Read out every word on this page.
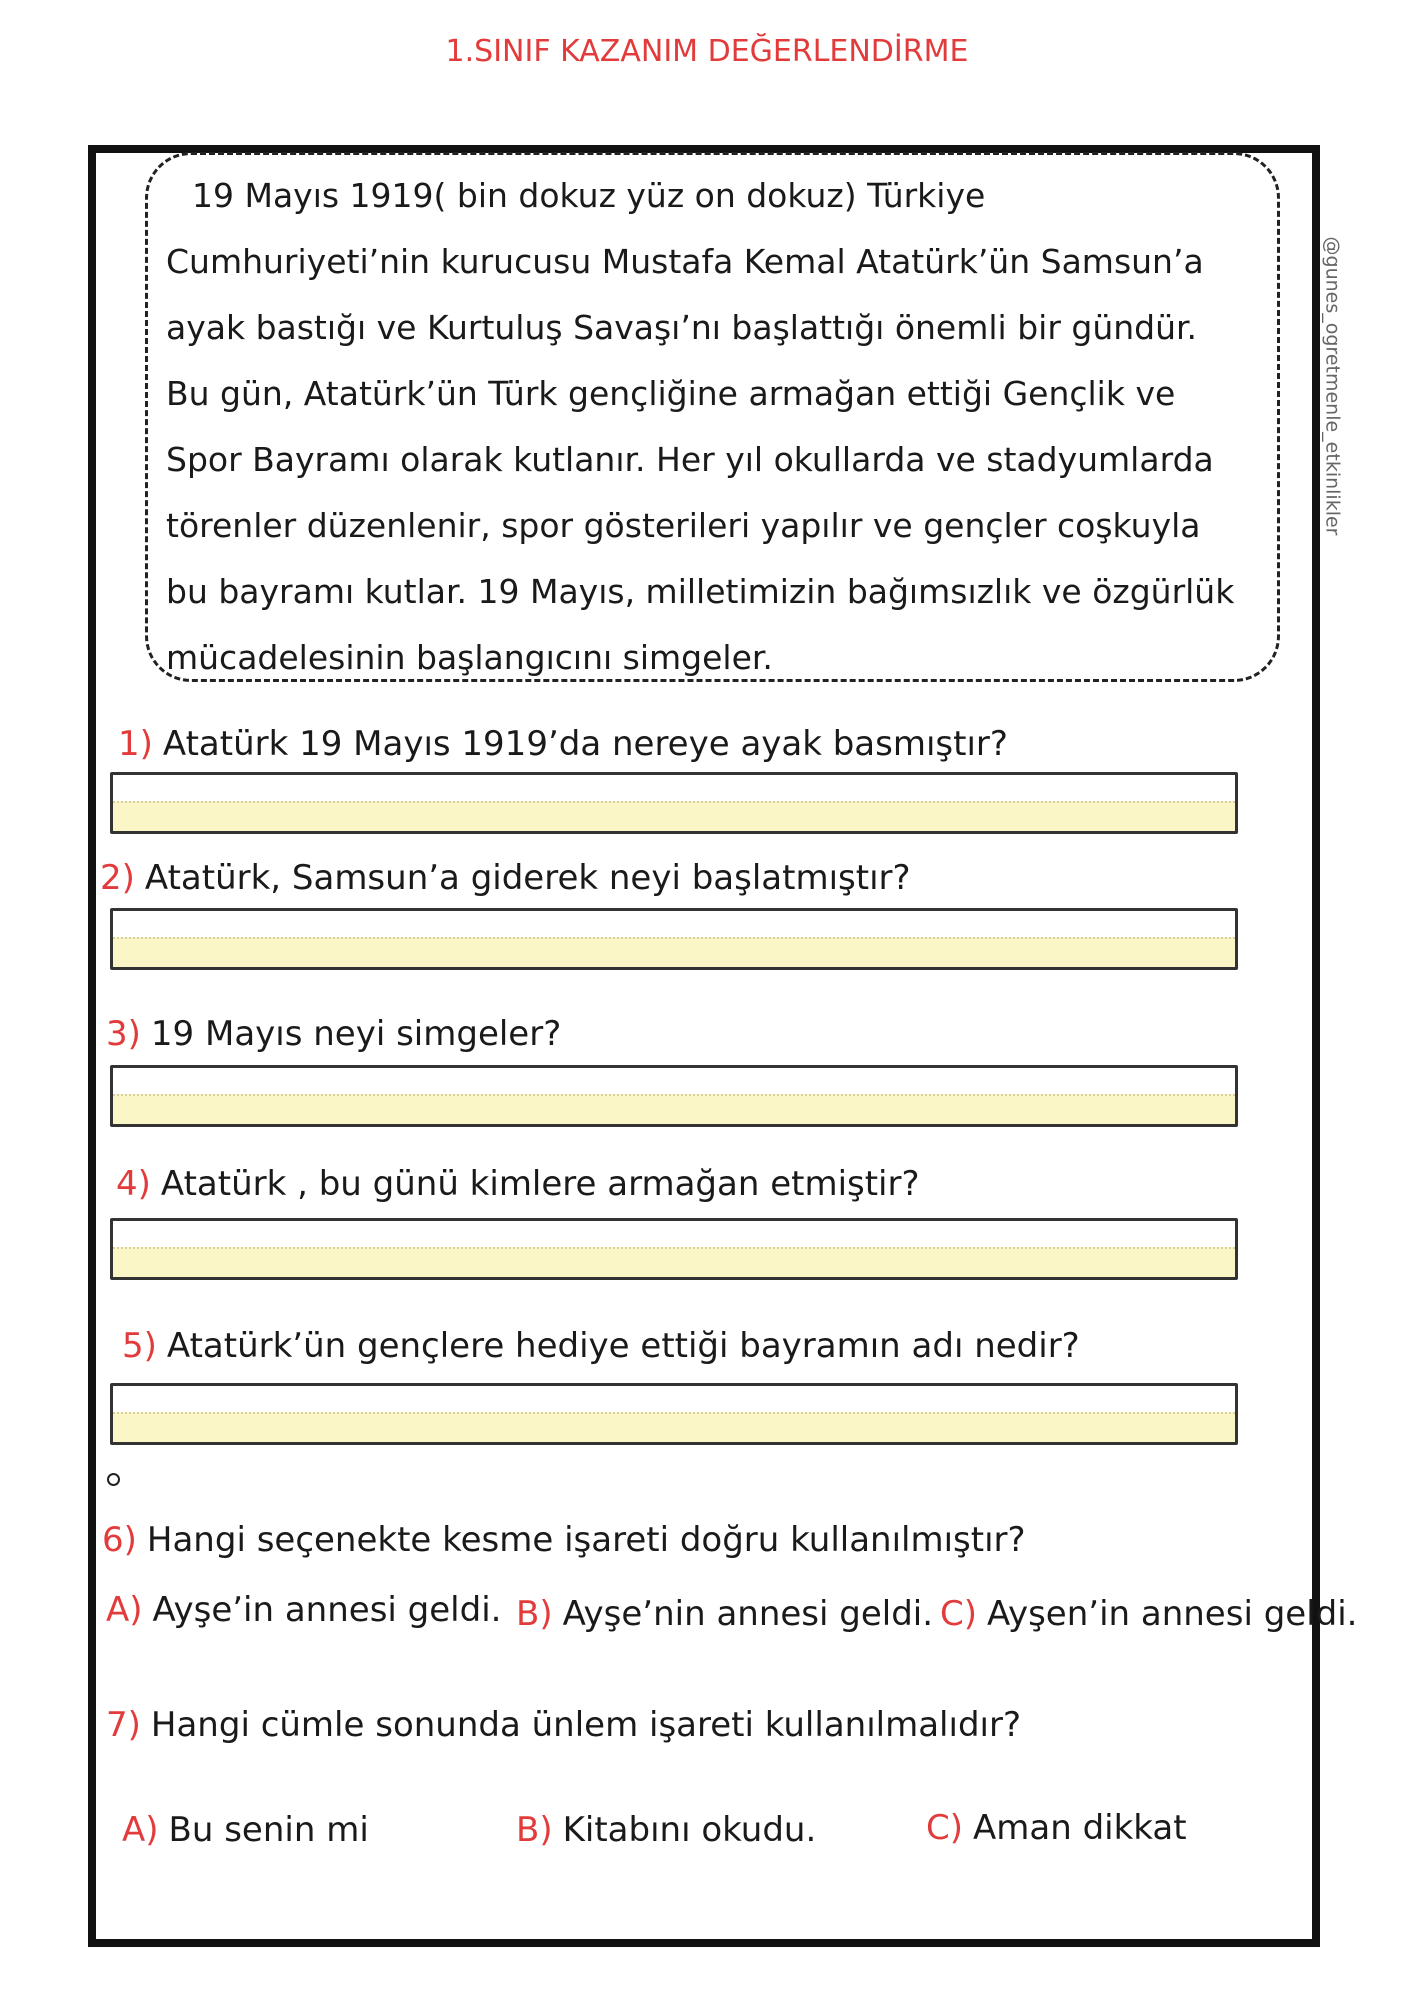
1.SINIF KAZANIM DEĞERLENDİRME

19 Mayıs 1919( bin dokuz yüz on dokuz) Türkiye Cumhuriyeti’nin kurucusu Mustafa Kemal Atatürk’ün Samsun’a ayak bastığı ve Kurtuluş Savaşı’nı başlattığı önemli bir gündür. Bu gün, Atatürk’ün Türk gençliğine armağan ettiği Gençlik ve Spor Bayramı olarak kutlanır. Her yıl okullarda ve stadyumlarda törenler düzenlenir, spor gösterileri yapılır ve gençler coşkuyla bu bayramı kutlar. 19 Mayıs, milletimizin bağımsızlık ve özgürlük mücadelesinin başlangıcını simgeler.

@gunes_ogretmenle_etkinlikler
1) Atatürk 19 Mayıs 1919’da nereye ayak basmıştır?
2) Atatürk, Samsun’a giderek neyi başlatmıştır?
3) 19 Mayıs neyi simgeler?
4) Atatürk , bu günü kimlere armağan etmiştir?
5) Atatürk’ün gençlere hediye ettiği bayramın adı nedir?
6) Hangi seçenekte kesme işareti doğru kullanılmıştır?
A) Ayşe’in annesi geldi. B) Ayşe’nin annesi geldi. C) Ayşen’in annesi geldi.
7) Hangi cümle sonunda ünlem işareti kullanılmalıdır?
A) Bu senin mi	B) Kitabını okudu.	C) Aman dikkat
